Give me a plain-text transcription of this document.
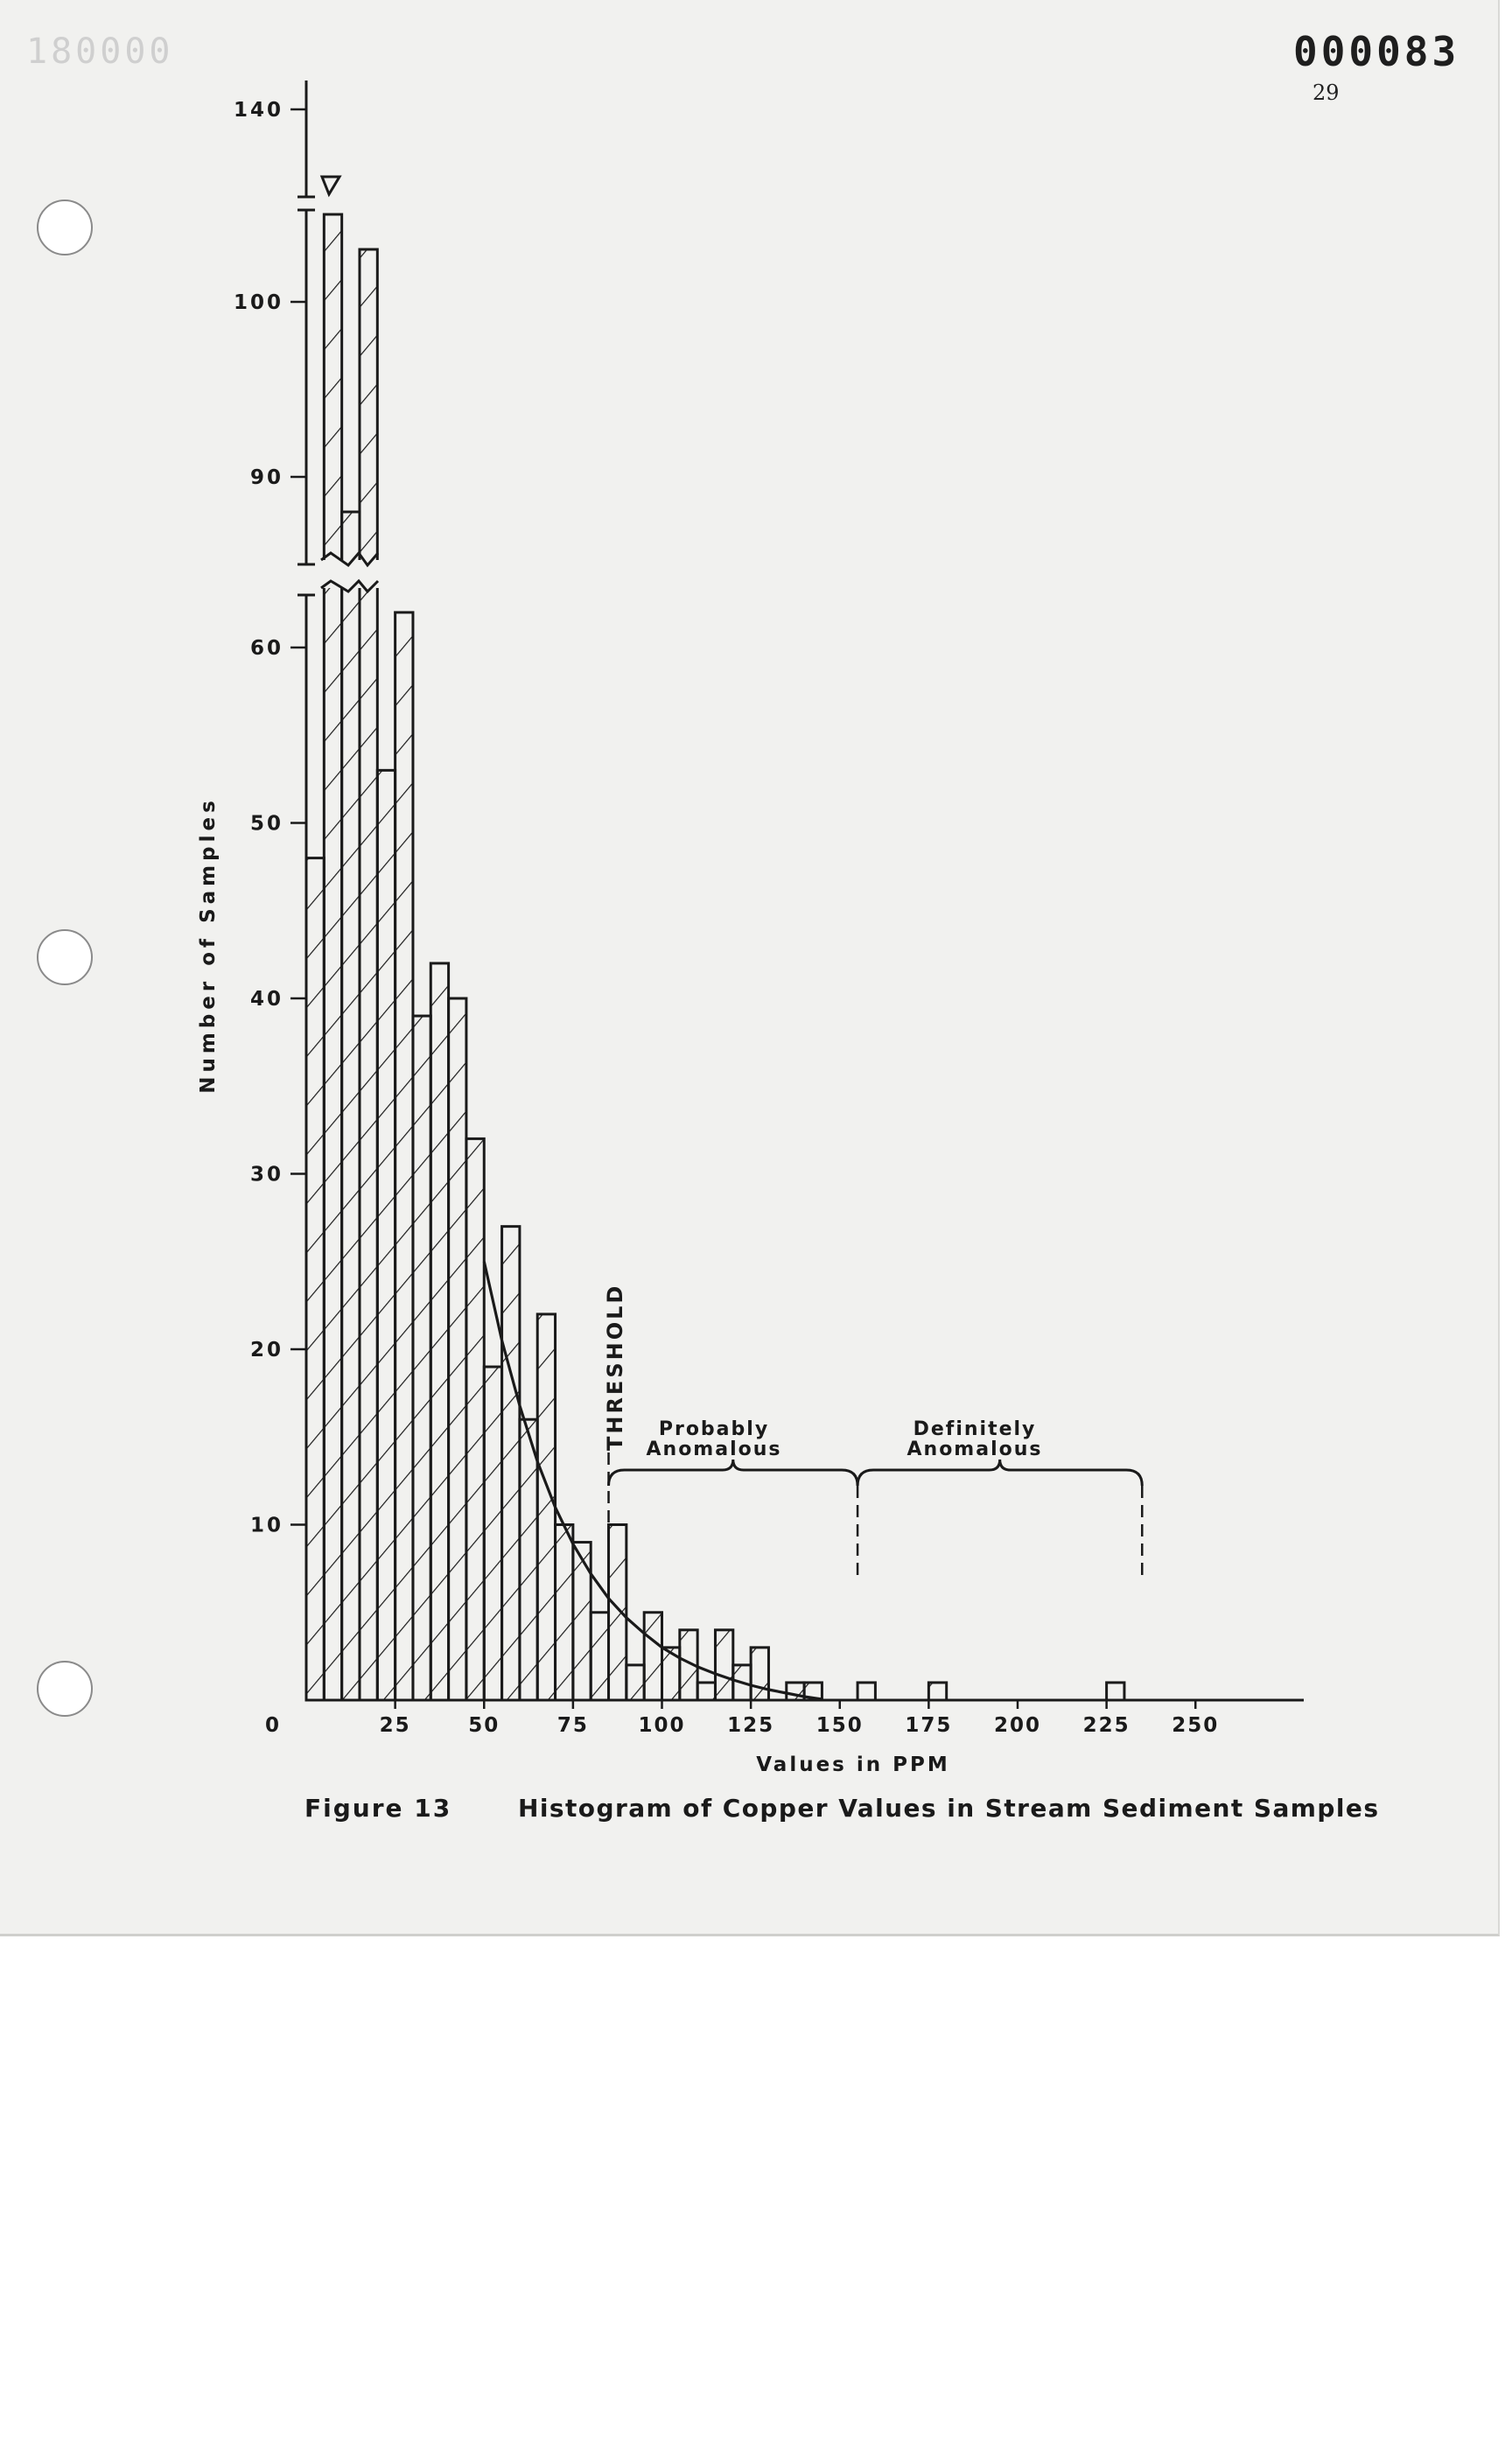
180000	000083
29
10
20
30
40
50
60
90
100
140
0	25	50	75 100 125 150 175 200 225 250
Number of Samples
Values in PPM
Figure 13	Histogram of Copper Values in Stream Sediment Samples
THRESHOLD Probably
Anomalous
Definitely
Anomalous
